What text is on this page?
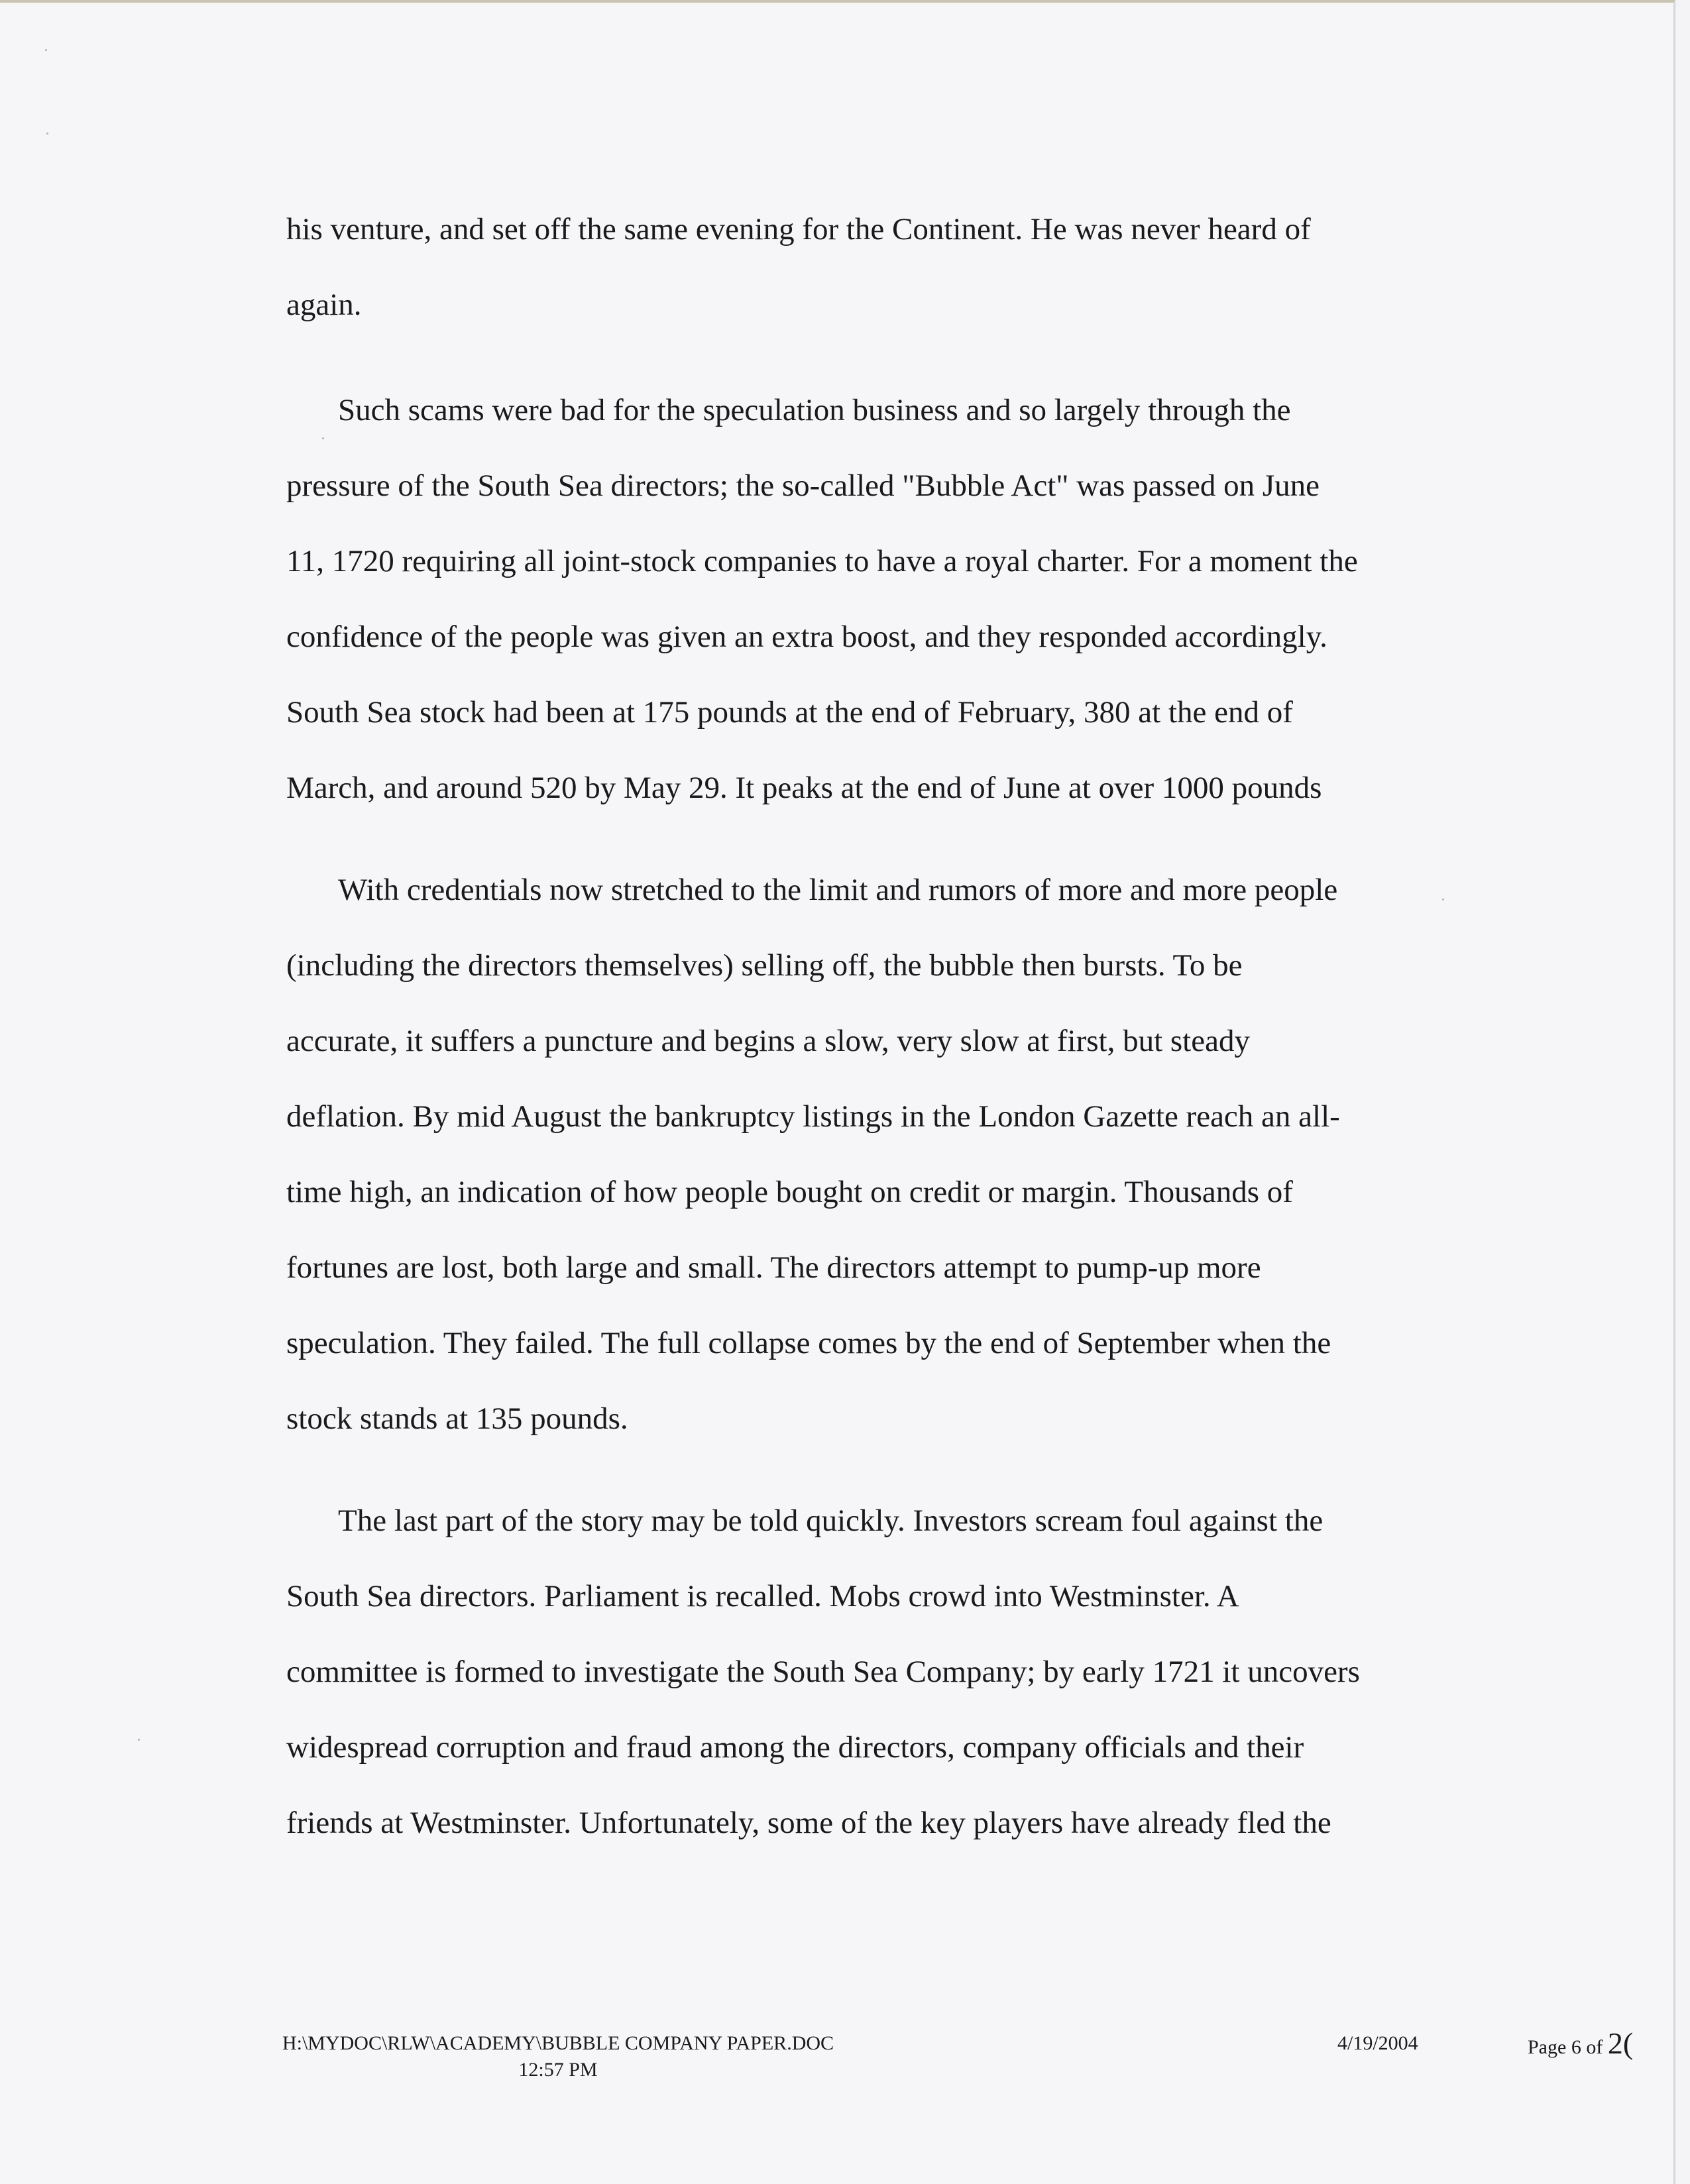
his venture, and set off the same evening for the Continent. He was never heard of
again.

Such scams were bad for the speculation business and so largely through the
pressure of the South Sea directors; the so-called "Bubble Act" was passed on June
11, 1720 requiring all joint-stock companies to have a royal charter. For a moment the
confidence of the people was given an extra boost, and they responded accordingly.
South Sea stock had been at 175 pounds at the end of February, 380 at the end of
March, and around 520 by May 29. It peaks at the end of June at over 1000 pounds

With credentials now stretched to the limit and rumors of more and more people
(including the directors themselves) selling off, the bubble then bursts. To be
accurate, it suffers a puncture and begins a slow, very slow at first, but steady
deflation. By mid August the bankruptcy listings in the London Gazette reach an all-
time high, an indication of how people bought on credit or margin. Thousands of
fortunes are lost, both large and small. The directors attempt to pump-up more
speculation. They failed. The full collapse comes by the end of September when the
stock stands at 135 pounds.

The last part of the story may be told quickly. Investors scream foul against the
South Sea directors. Parliament is recalled. Mobs crowd into Westminster. A
committee is formed to investigate the South Sea Company; by early 1721 it uncovers
widespread corruption and fraud among the directors, company officials and their
friends at Westminster. Unfortunately, some of the key players have already fled the

H:\MYDOC\RLW\ACADEMY\BUBBLE COMPANY PAPER.DOC
12:57 PM
4/19/2004	Page 6 of 2(
